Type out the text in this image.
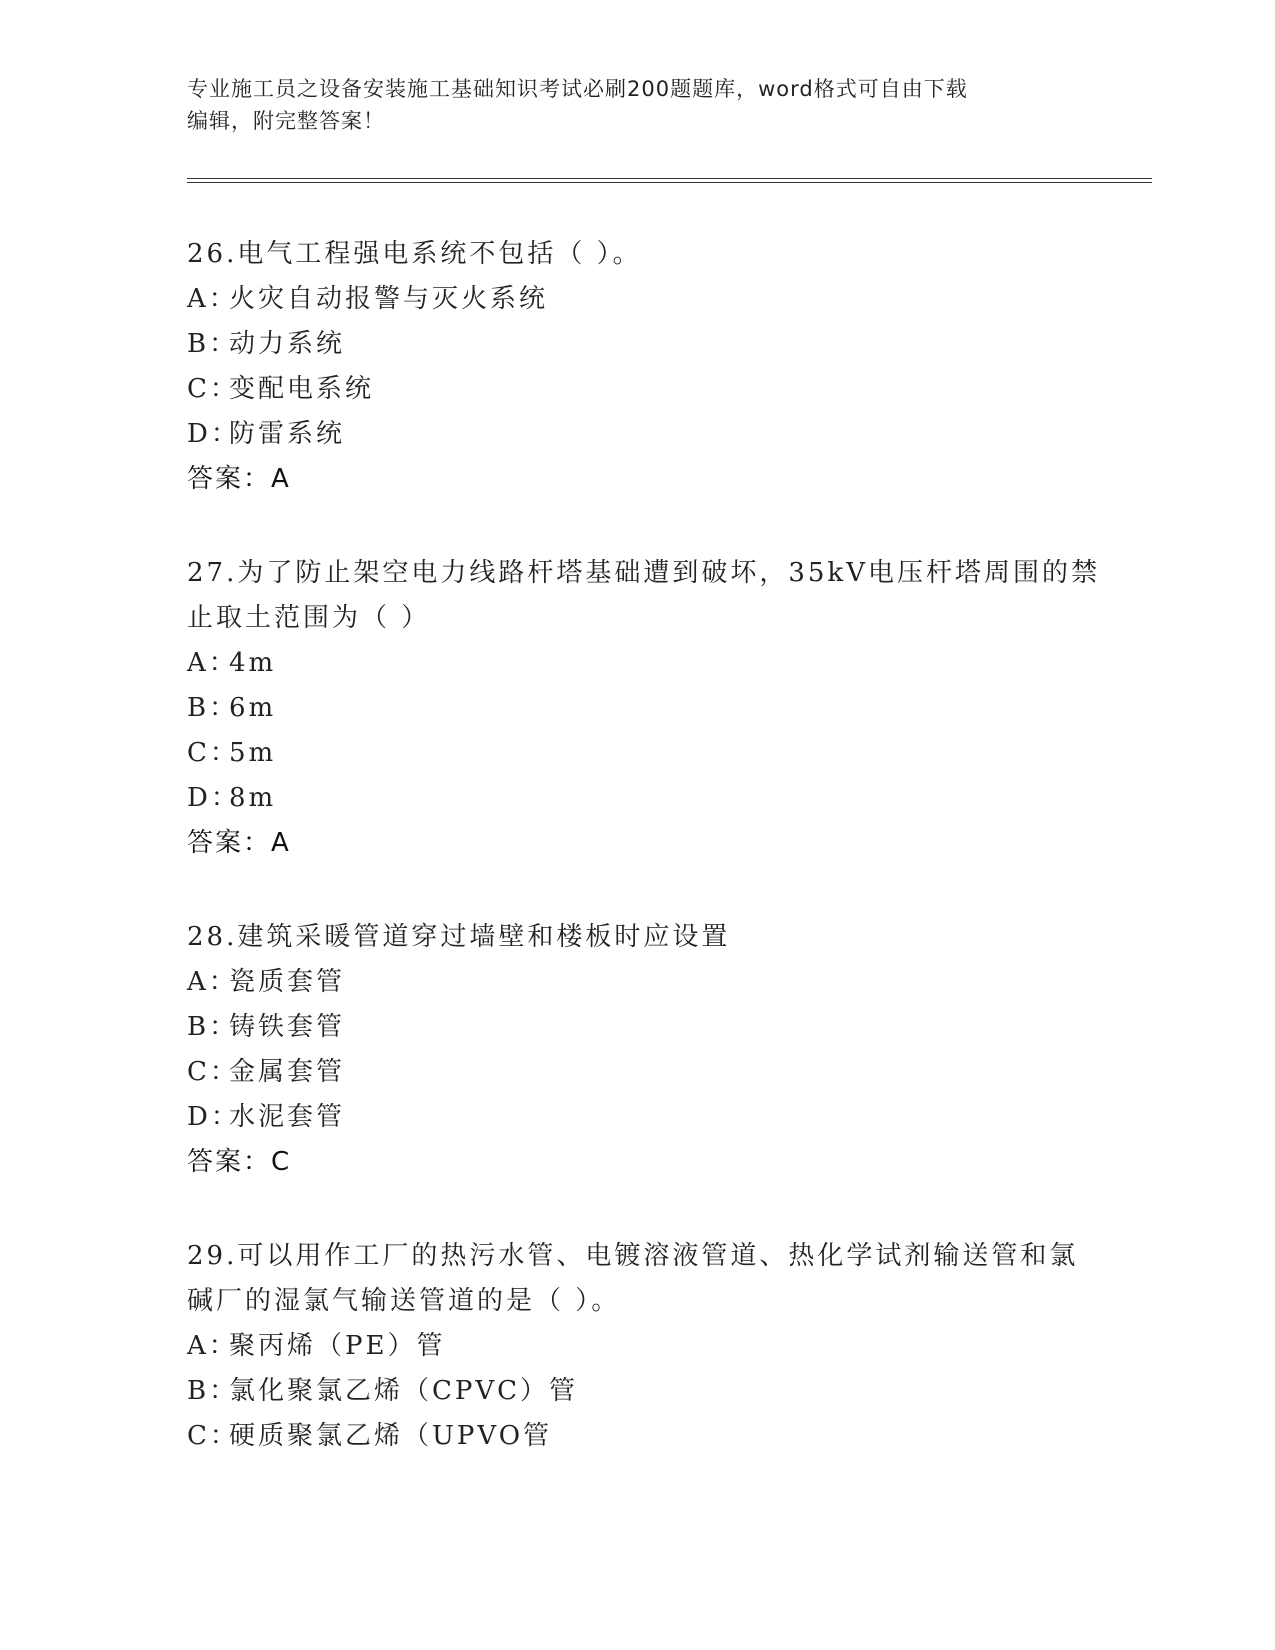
专业施工员之设备安装施工基础知识考试必刷200题题库，word格式可自由下载
编辑，附完整答案！
26.电气工程强电系统不包括（ ）。
A：
火灾自动报警与灭火系统
B：
动力系统
C：
变配电系统
D：
防雷系统
答案：A
27.为了防止架空电力线路杆塔基础遭到破坏，35kV电压杆塔周围的禁
止取土范围为（ ）
A：
4m
B：
6m
C：
5m
D：
8m
答案：A
28.建筑采暖管道穿过墙壁和楼板时应设置
A：
瓷质套管
B：
铸铁套管
C：
金属套管
D：
水泥套管
答案：C
29.可以用作工厂的热污水管、电镀溶液管道、热化学试剂输送管和氯
碱厂的湿氯气输送管道的是（ ）。
A：
聚丙烯（PE）管
B：
氯化聚氯乙烯（CPVC）管
C：
硬质聚氯乙烯（UPVO管
